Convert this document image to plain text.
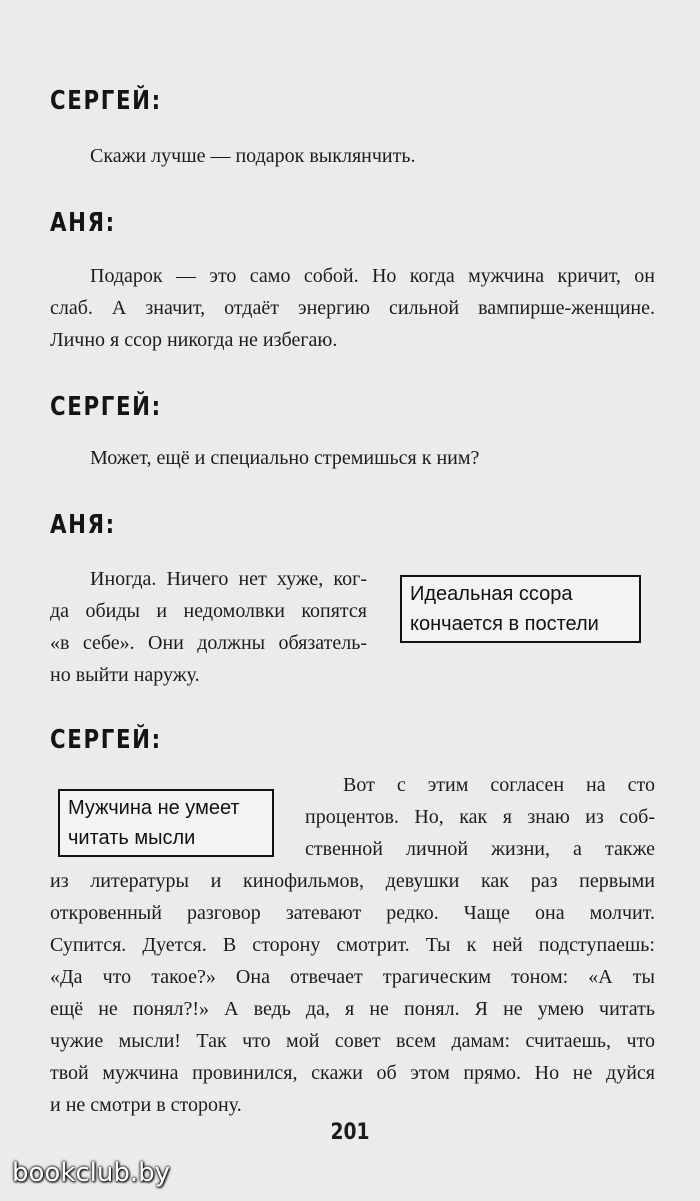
СЕРГЕЙ:
Скажи лучше — подарок выклянчить.
АНЯ:
Подарок — это само собой. Но когда мужчина кричит, он
слаб. А значит, отдаёт энергию сильной вампирше-женщине.
Лично я ссор никогда не избегаю.
СЕРГЕЙ:
Может, ещё и специально стремишься к ним?
АНЯ:
Иногда. Ничего нет хуже, ког-
да обиды и недомолвки копятся
«в себе». Они должны обязатель-
но выйти наружу.
Идеальная ссора
кончается в постели
СЕРГЕЙ:
Мужчина не умеет
читать мысли
Вот с этим согласен на сто
процентов. Но, как я знаю из соб-
ственной личной жизни, а также
из литературы и кинофильмов, девушки как раз первыми
откровенный разговор затевают редко. Чаще она молчит.
Супится. Дуется. В сторону смотрит. Ты к ней подступаешь:
«Да что такое?» Она отвечает трагическим тоном: «А ты
ещё не понял?!» А ведь да, я не понял. Я не умею читать
чужие мысли! Так что мой совет всем дамам: считаешь, что
твой мужчина провинился, скажи об этом прямо. Но не дуйся
и не смотри в сторону.
201
bookclub.by
